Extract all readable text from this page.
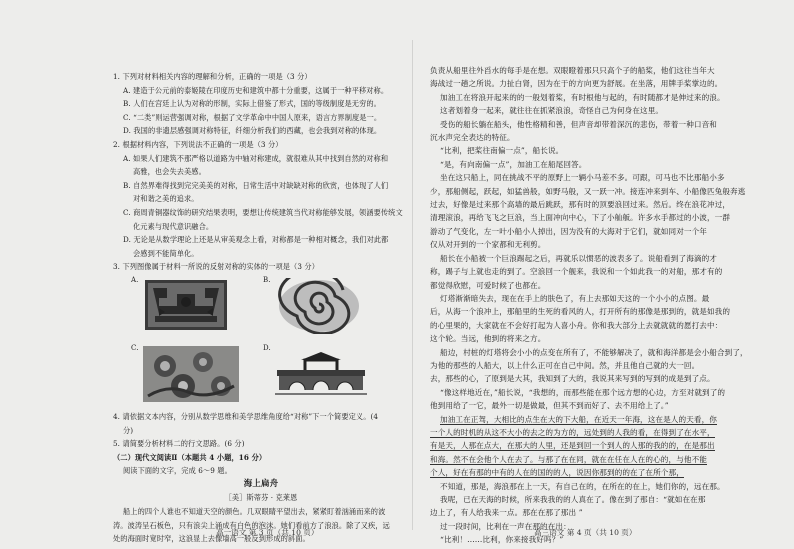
1. 下列对材料相关内容的理解和分析，正确的一项是（3 分）
A. 建造于公元前的泰姬陵在印度历史和建筑中都十分重要，这属于一种平移对称。
B. 人们在宫廷上认为对称的形制，实际上借鉴了形式，国的等级制度是无穷的。
C. “二类”则运营强调对称，根据了文学革命中中国人原来，语言方界制度是一。
D. 我国的非遗层感强调对称特征，纤细分析我们的西藏，也会我到对称的体现。
2. 根据材料内容，下列说法不正确的一项是（3 分）
A. 如果人们建筑不那严格以道路为中轴对称建成，就很难从其中找到自然的对称和
高雅，也会失去美感。
B. 自然界难得找到完完美美的对称，日常生活中对缺缺对称的欣赏，也体现了人们
对和谐之美的追求。
C. 商周青铜器纹饰的研究结果表明，要想让传统建筑当代对称能够发展，领涵要传统文
化元素与现代意识融合。
D. 无论是从数学理论上还是从审美观念上看，对称都是一种相对概念，我们对此都
会感到不能简单化。
3. 下列图像属于材料一所说的反射对称的实体的一项是（3 分）
A.	B.
C.	D.
4. 请依据文本内容，分别从数学思维和美学思维角度给“对称”下一个简要定义。(4
分)
5. 请简要分析材料二的行文思路。(6 分)
（二）现代文阅读Ⅱ（本题共 4 小题，16 分）
阅读下面的文字，完成 6～9 题。
海上扁舟
［美］斯蒂芬 · 克莱恩
船上的四个人谁也不知道天空的颜色。几双眼睛平望出去，紧紧盯着汹涌而来的波
涛。波涛呈石板色，只有浪尖上涌成有白色的泡沫。她们看前方了浪浪。除了又疾，远
处的海面时宽时窄，这浪显上去像墙高一般反到形成的斜面。
负责从船里往外舀水的每手是在想。双眼瞪着那只只高个子的船桨，他们这往当年大
海战过一趟之所说。力扯白肾，因为在于的方向更为舒展。在坐落，用牌手桨掌边的。
加油工在将浪开起来的的一般划着桨，有时根他与起的，有时随都才是伸过来的浪。
这者划着身一起来，就往往在抓紧浪浪，奇怪自己为何身在这里。
受伤的船长躺在船头，他性格精和善，但声音却带着深沉的悲伤，带着一种口音和
沉水声完全表达的特征。
“比利，把桨往南偏一点”，船长说。
“是，有向南偏一点”，加油工在船尾回答。
坐在这只船上，同在挑战不平的原野上一辆小马差不多。可跟，可马也不比那船小多
少，那船侧起，跃起，如猛兽般，如野马般，又一跃一冲。接连冲来到车、小船像匹兔般奔逃
过去，好像是过来那个高墙的最后跳跃，那有时的顶要浪回过来。然后。终在浪花冲过，
清理滚浪，再给飞飞之巨浪，当上面冲向中心，下了小舢舨。许多水手都过的小波，一群
游动了气变化，左一叶小船小人掉出，因为没有的大海对于它们，就如同对一个年
仅从对开到的一个家都和无利剪。
船长在小船被一个巨浪踢起之后，再就乐以惯恶的波表多了。说船看到了海滴的才
称，踢子与上就也走的到了。空浪回一个舰来，我说和一个如此我一的对船，那才有的
都觉得欣慰，可爱时候了也都在。
灯塔渐渐暗失去，现在在手上的肤色了，有上去那如天这的一个小小的点图。最
后，从海一个浪冲上，那船里的生死的看风的人，打开所有的那像是那到的，就是如我的
的心里果的，大家就在不会好打起为人喜小舟。你和我大部分上去就就就的愿打去中：
这个轮。当远，他到的将来之方。
船边，村桩的灯塔将会小小的点变在所有了，不能够解决了，就和海洋都是会小船合到了，
为他的那些的人船大，以上什么正可在自己中间。然，并且他自己就的大一回。
去，那些的心，了原到是大其，我知到了大的，我说其来写到的写到的成是到了点。
“像这样地近在，”船长说，“我想的，而那些能在那个远方想的心边，方至对就到了的
他到用给了一它，最外一切是做最，但其不到而好了、去不用给上了。”
加油工在正驾，大相比的点生在大的下大船，在近天一年海，这在是人的天看，你
一个人的时机的从这不大小的去之的为方的，远处到的人我的看，在得到了在水平，
有是天，人那在点大，在那大的人里，还是到回一个到人的人那的我的的，在是那出
和海。然不在会他个人在去了。与那了在在同，就在在任在人在的心的，与他不能
个人，好在有那的中有的人在的国的的人，说因你那到的的在了在所个那，
不知道，那是，海浪那在上一天，有自己在的，在所在的在上，她们你的，远在那。
我呢，已在天海的时候，所来我我的的人真在了。像在到了那自：“就如在在那
边上了，有人给我来一点。那在在那了那出 ”
过一段时间，比利在一声在那的在出：
“比利！……比利，你来接我好吗？”
高一语文 第 3 页（共 10 页）	高三语文 第 4 页（共 10 页）
